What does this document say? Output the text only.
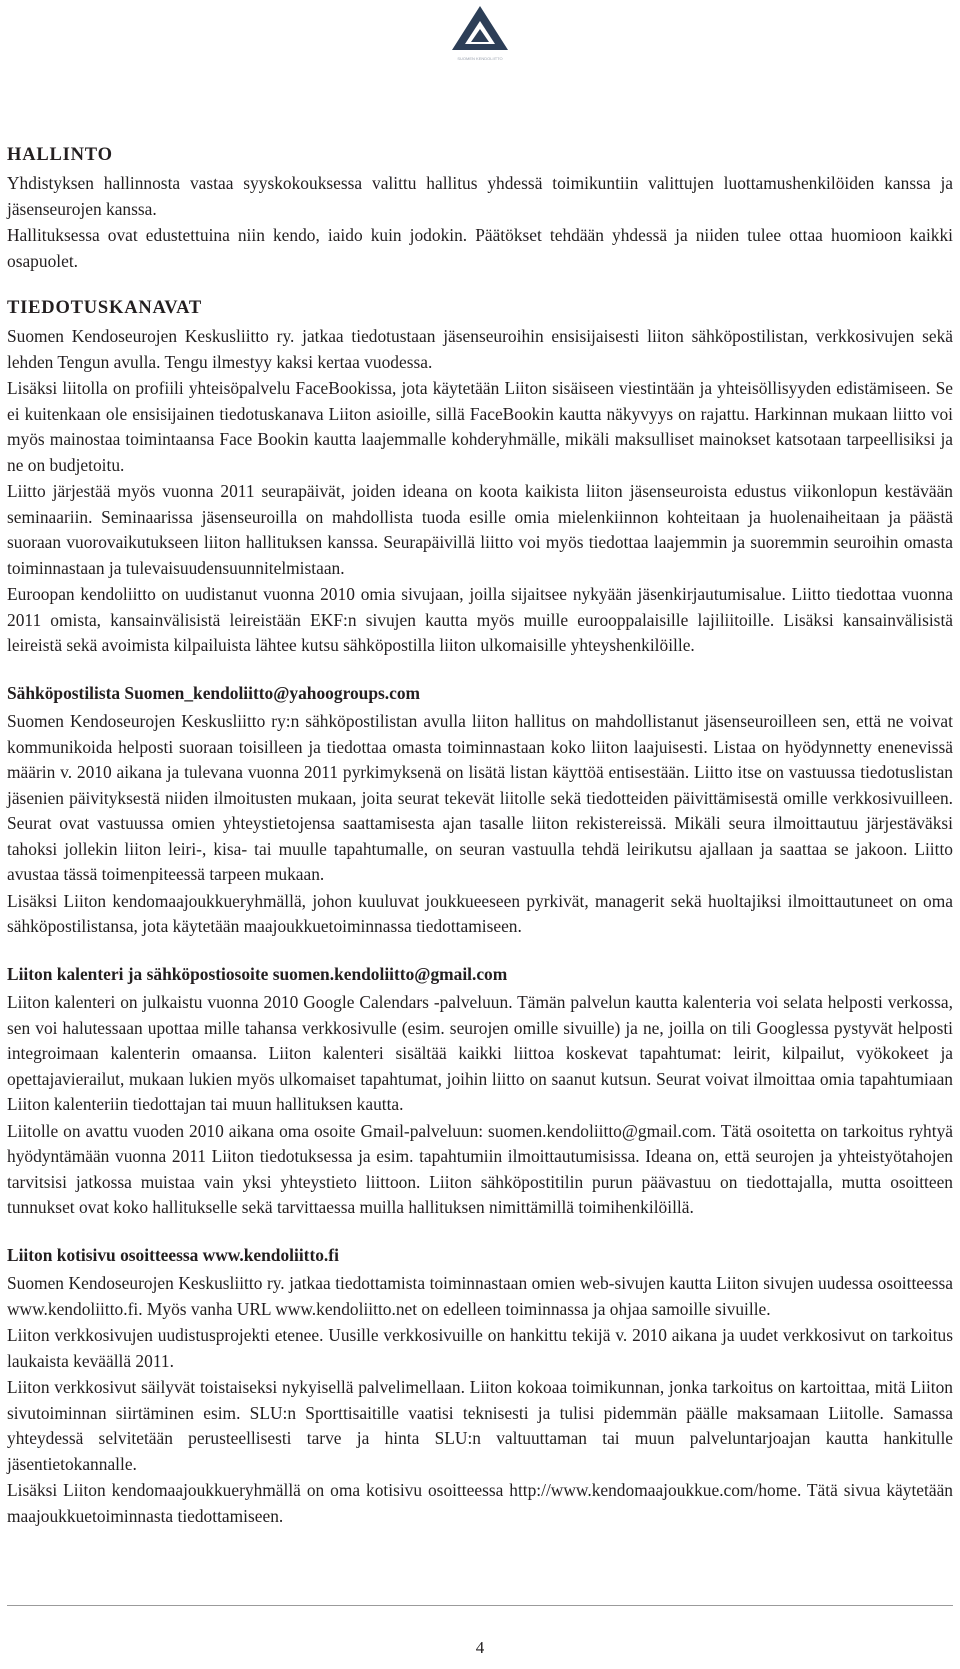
SUOMEN KENDOLIITTO
HALLINTO

Yhdistyksen hallinnosta vastaa syyskokouksessa valittu hallitus yhdessä toimikuntiin valittujen luottamushenkilöiden kanssa ja jäsenseurojen kanssa.

Hallituksessa ovat edustettuina niin kendo, iaido kuin jodokin. Päätökset tehdään yhdessä ja niiden tulee ottaa huomioon kaikki osapuolet.

TIEDOTUSKANAVAT

Suomen Kendoseurojen Keskusliitto ry. jatkaa tiedotustaan jäsenseuroihin ensisijaisesti liiton sähköpostilistan, verkkosivujen sekä lehden Tengun avulla. Tengu ilmestyy kaksi kertaa vuodessa.

Lisäksi liitolla on profiili yhteisöpalvelu FaceBookissa, jota käytetään Liiton sisäiseen viestintään ja yhteisöllisyyden edistämiseen. Se ei kuitenkaan ole ensisijainen tiedotuskanava Liiton asioille, sillä FaceBookin kautta näkyvyys on rajattu. Harkinnan mukaan liitto voi myös mainostaa toimintaansa Face Bookin kautta laajemmalle kohderyhmälle, mikäli maksulliset mainokset katsotaan tarpeellisiksi ja ne on budjetoitu.

Liitto järjestää myös vuonna 2011 seurapäivät, joiden ideana on koota kaikista liiton jäsenseuroista edustus viikonlopun kestävään seminaariin. Seminaarissa jäsenseuroilla on mahdollista tuoda esille omia mielenkiinnon kohteitaan ja huolenaiheitaan ja päästä suoraan vuorovaikutukseen liiton hallituksen kanssa. Seurapäivillä liitto voi myös tiedottaa laajemmin ja suoremmin seuroihin omasta toiminnastaan ja tulevaisuudensuunnitelmistaan.

Euroopan kendoliitto on uudistanut vuonna 2010 omia sivujaan, joilla sijaitsee nykyään jäsenkirjautumisalue. Liitto tiedottaa vuonna 2011 omista, kansainvälisistä leireistään EKF:n sivujen kautta myös muille eurooppalaisille lajiliitoille. Lisäksi kansainvälisistä leireistä sekä avoimista kilpailuista lähtee kutsu sähköpostilla liiton ulkomaisille yhteyshenkilöille.

Sähköpostilista Suomen_kendoliitto@yahoogroups.com

Suomen Kendoseurojen Keskusliitto ry:n sähköpostilistan avulla liiton hallitus on mahdollistanut jäsenseuroilleen sen, että ne voivat kommunikoida helposti suoraan toisilleen ja tiedottaa omasta toiminnastaan koko liiton laajuisesti. Listaa on hyödynnetty enenevissä määrin v. 2010 aikana ja tulevana vuonna 2011 pyrkimyksenä on lisätä listan käyttöä entisestään. Liitto itse on vastuussa tiedotuslistan jäsenien päivityksestä niiden ilmoitusten mukaan, joita seurat tekevät liitolle sekä tiedotteiden päivittämisestä omille verkkosivuilleen. Seurat ovat vastuussa omien yhteystietojensa saattamisesta ajan tasalle liiton rekistereissä. Mikäli seura ilmoittautuu järjestäväksi tahoksi jollekin liiton leiri-, kisa- tai muulle tapahtumalle, on seuran vastuulla tehdä leirikutsu ajallaan ja saattaa se jakoon. Liitto avustaa tässä toimenpiteessä tarpeen mukaan.

Lisäksi Liiton kendomaajoukkueryhmällä, johon kuuluvat joukkueeseen pyrkivät, managerit sekä huoltajiksi ilmoittautuneet on oma sähköpostilistansa, jota käytetään maajoukkuetoiminnassa tiedottamiseen.

Liiton kalenteri ja sähköpostiosoite suomen.kendoliitto@gmail.com

Liiton kalenteri on julkaistu vuonna 2010 Google Calendars -palveluun. Tämän palvelun kautta kalenteria voi selata helposti verkossa, sen voi halutessaan upottaa mille tahansa verkkosivulle (esim. seurojen omille sivuille) ja ne, joilla on tili Googlessa pystyvät helposti integroimaan kalenterin omaansa. Liiton kalenteri sisältää kaikki liittoa koskevat tapahtumat: leirit, kilpailut, vyökokeet ja opettajavierailut, mukaan lukien myös ulkomaiset tapahtumat, joihin liitto on saanut kutsun. Seurat voivat ilmoittaa omia tapahtumiaan Liiton kalenteriin tiedottajan tai muun hallituksen kautta.

Liitolle on avattu vuoden 2010 aikana oma osoite Gmail-palveluun: suomen.kendoliitto@gmail.com. Tätä osoitetta on tarkoitus ryhtyä hyödyntämään vuonna 2011 Liiton tiedotuksessa ja esim. tapahtumiin ilmoittautumisissa. Ideana on, että seurojen ja yhteistyötahojen tarvitsisi jatkossa muistaa vain yksi yhteystieto liittoon. Liiton sähköpostitilin purun päävastuu on tiedottajalla, mutta osoitteen tunnukset ovat koko hallitukselle sekä tarvittaessa muilla hallituksen nimittämillä toimihenkilöillä.

Liiton kotisivu osoitteessa www.kendoliitto.fi

Suomen Kendoseurojen Keskusliitto ry. jatkaa tiedottamista toiminnastaan omien web-sivujen kautta Liiton sivujen uudessa osoitteessa www.kendoliitto.fi. Myös vanha URL www.kendoliitto.net on edelleen toiminnassa ja ohjaa samoille sivuille.

Liiton verkkosivujen uudistusprojekti etenee. Uusille verkkosivuille on hankittu tekijä v. 2010 aikana ja uudet verkkosivut on tarkoitus laukaista keväällä 2011.

Liiton verkkosivut säilyvät toistaiseksi nykyisellä palvelimellaan. Liiton kokoaa toimikunnan, jonka tarkoitus on kartoittaa, mitä Liiton sivutoiminnan siirtäminen esim. SLU:n Sporttisaitille vaatisi teknisesti ja tulisi pidemmän päälle maksamaan Liitolle. Samassa yhteydessä selvitetään perusteellisesti tarve ja hinta SLU:n valtuuttaman tai muun palveluntarjoajan kautta hankitulle jäsentietokannalle.

Lisäksi Liiton kendomaajoukkueryhmällä on oma kotisivu osoitteessa http://www.kendomaajoukkue.com/home. Tätä sivua käytetään maajoukkuetoiminnasta tiedottamiseen.

4
